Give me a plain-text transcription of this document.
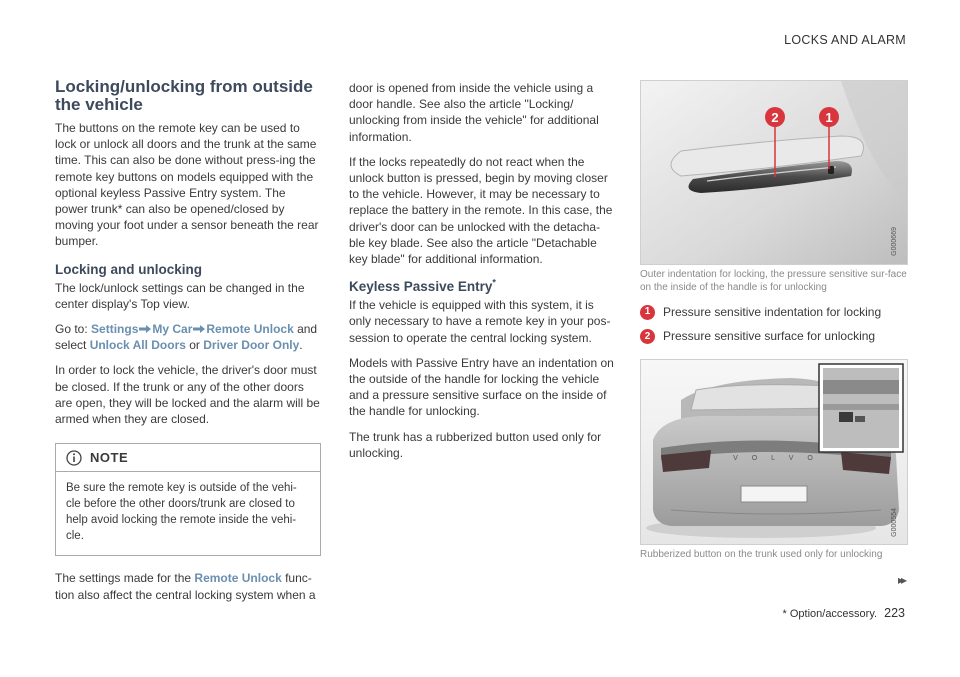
LOCKS AND ALARM
Locking/unlocking from outside the vehicle

The buttons on the remote key can be used to lock or unlock all doors and the trunk at the same time. This can also be done without press-ing the remote key buttons on models equipped with the optional keyless Passive Entry system. The power trunk* can also be opened/closed by moving your foot under a sensor beneath the rear bumper.

Locking and unlocking

The lock/unlock settings can be changed in the center display's Top view.

Go to: Settings My Car Remote Unlock and select Unlock All Doors or Driver Door Only.

In order to lock the vehicle, the driver's door must be closed. If the trunk or any of the other doors are open, they will be locked and the alarm will be armed when they are closed.

NOTE
Be sure the remote key is outside of the vehi-cle before the other doors/trunk are closed to help avoid locking the remote inside the vehi-cle.

The settings made for the Remote Unlock func-tion also affect the central locking system when a

door is opened from inside the vehicle using a door handle. See also the article "Locking/ unlocking from inside the vehicle" for additional information.

If the locks repeatedly do not react when the unlock button is pressed, begin by moving closer to the vehicle. However, it may be necessary to replace the battery in the remote. In this case, the driver's door can be unlocked with the detacha-ble key blade. See also the article "Detachable key blade" for additional information.

Keyless Passive Entry*

If the vehicle is equipped with this system, it is only necessary to have a remote key in your pos-session to operate the central locking system.

Models with Passive Entry have an indentation on the outside of the handle for locking the vehicle and a pressure sensitive surface on the inside of the handle for unlocking.

The trunk has a rubberized button used only for unlocking.

2	1
G000669
Outer indentation for locking, the pressure sensitive sur-face on the inside of the handle is for unlocking
1	Pressure sensitive indentation for locking
2	Pressure sensitive surface for unlocking
V O L V O
G000554
Rubberized button on the trunk used only for unlocking
▸▸
* Option/accessory. 223
